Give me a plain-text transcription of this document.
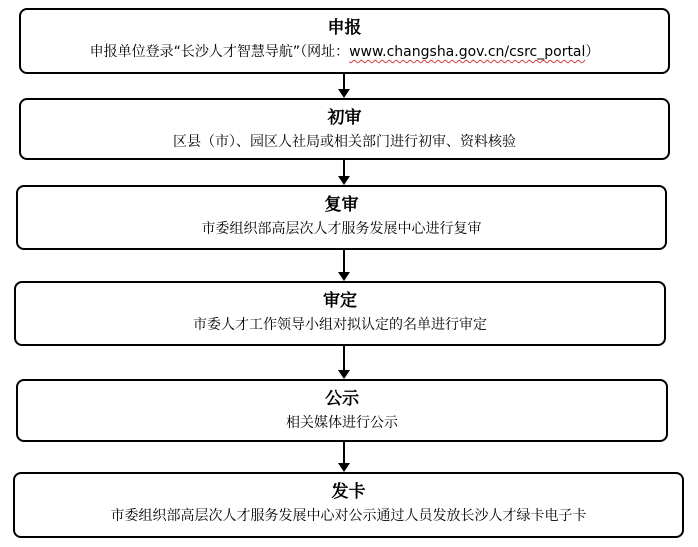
申报
申报单位登录“长沙人才智慧导航”（网址：www.changsha.gov.cn/csrc_portal）
初审
区县（市）、园区人社局或相关部门进行初审、资料核验
复审
市委组织部高层次人才服务发展中心进行复审
审定
市委人才工作领导小组对拟认定的名单进行审定
公示
相关媒体进行公示
发卡
市委组织部高层次人才服务发展中心对公示通过人员发放长沙人才绿卡电子卡
